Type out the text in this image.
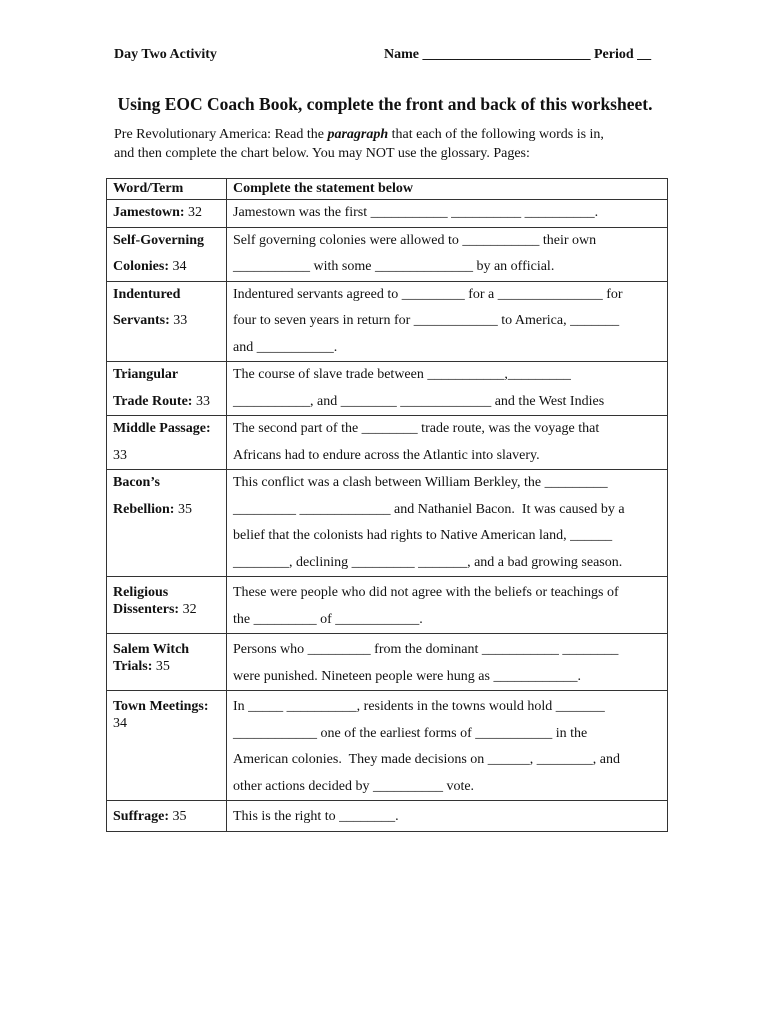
Day Two Activity	Name ________________________ Period __
Using EOC Coach Book, complete the front and back of this worksheet.
Pre Revolutionary America: Read the paragraph that each of the following words is in,
and then complete the chart below. You may NOT use the glossary. Pages:
Word/Term	Complete the statement below

Jamestown: 32	Jamestown was the first ___________ __________ __________.

Self-Governing
Colonies: 34	Self governing colonies were allowed to ___________ their own
___________ with some ______________ by an official.

Indentured
Servants: 33	Indentured servants agreed to _________ for a _______________ for
four to seven years in return for ____________ to America, _______
and ___________.

Triangular
Trade Route: 33	The course of slave trade between ___________,_________
___________, and ________ _____________ and the West Indies

Middle Passage:
33	The second part of the ________ trade route, was the voyage that
Africans had to endure across the Atlantic into slavery.

Bacon’s
Rebellion: 35	This conflict was a clash between William Berkley, the _________
_________ _____________ and Nathaniel Bacon.  It was caused by a
belief that the colonists had rights to Native American land, ______
________, declining _________ _______, and a bad growing season.

Religious
Dissenters: 32	These were people who did not agree with the beliefs or teachings of
the _________ of ____________.

Salem Witch
Trials: 35	Persons who _________ from the dominant ___________ ________
were punished. Nineteen people were hung as ____________.

Town Meetings:
34	In _____ __________, residents in the towns would hold _______
____________ one of the earliest forms of ___________ in the
American colonies.  They made decisions on ______, ________, and
other actions decided by __________ vote.

Suffrage: 35	This is the right to ________.
